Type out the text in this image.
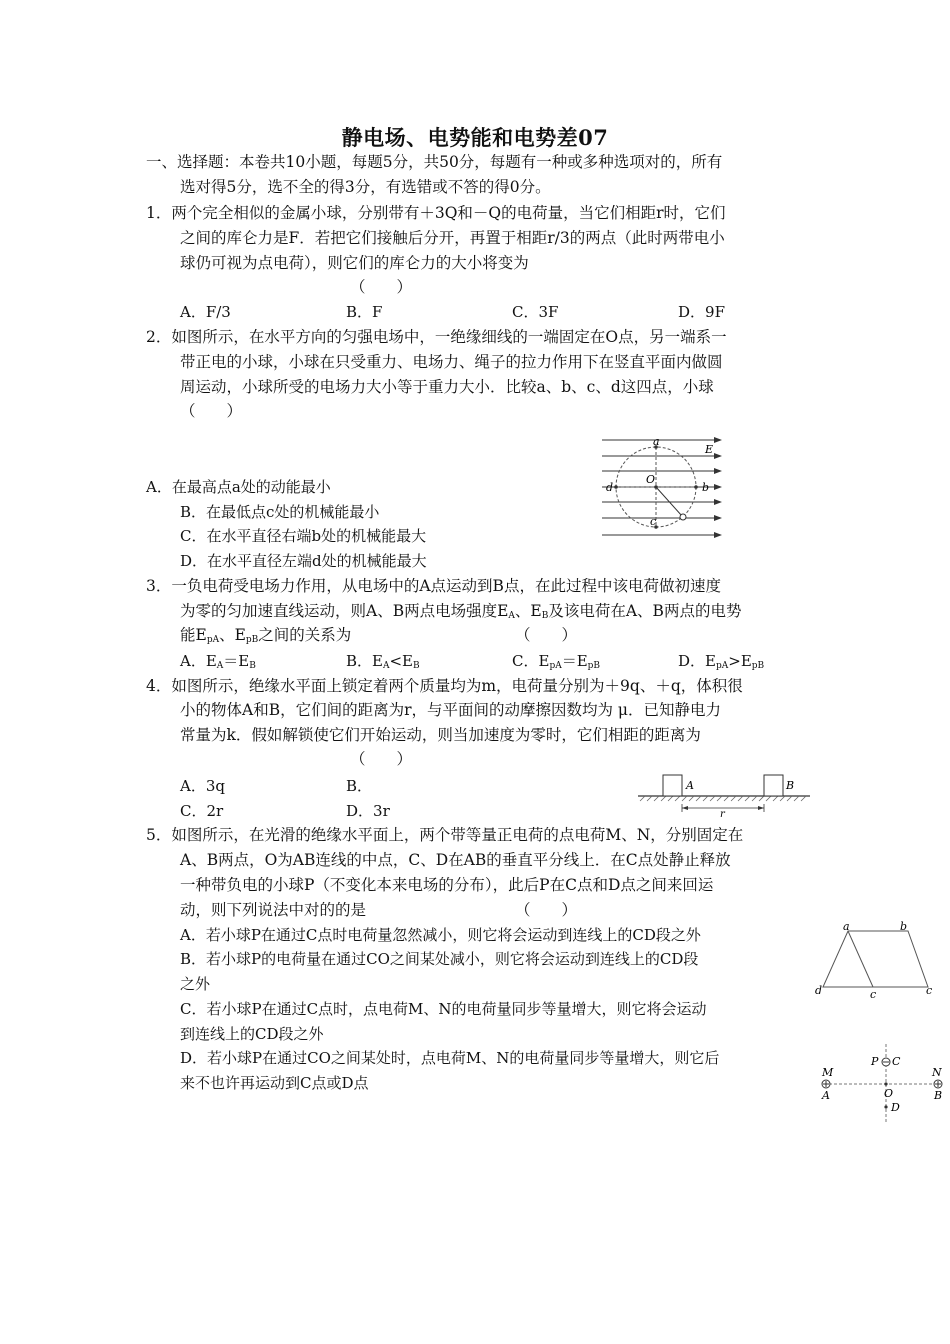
静电场、电势能和电势差07
一、选择题：本卷共10小题，每题5分，共50分，每题有一种或多种选项对的，所有
选对得5分，选不全的得3分，有选错或不答的得0分。
1．两个完全相似的金属小球，分别带有＋3Q和－Q的电荷量，当它们相距r时，它们
之间的库仑力是F．若把它们接触后分开，再置于相距r/3的两点（此时两带电小
球仍可视为点电荷），则它们的库仑力的大小将变为
（　　）
A．F/3	B．F	C．3F	D．9F
2．如图所示，在水平方向的匀强电场中，一绝缘细线的一端固定在O点，另一端系一
带正电的小球，小球在只受重力、电场力、绳子的拉力作用下在竖直平面内做圆
周运动，小球所受的电场力大小等于重力大小．比较a、b、c、d这四点，小球
（　　）
a
b
c
d
O
E
A．在最高点a处的动能最小
B．在最低点c处的机械能最小
C．在水平直径右端b处的机械能最大
D．在水平直径左端d处的机械能最大
3．一负电荷受电场力作用，从电场中的A点运动到B点，在此过程中该电荷做初速度
为零的匀加速直线运动，则A、B两点电场强度$E_A$、$E_B$及该电荷在A、B两点的电势
能$E_{pA}$、$E_{pB}$之间的关系为	（　　）
A．$E_A=E_B$	B．$E_A<E_B$	C．$E_{pA}=E_{pB}$	D．$E_{pA}>E_{pB}$
4．如图所示，绝缘水平面上锁定着两个质量均为m，电荷量分别为＋9q、＋q，体积很
小的物体A和B，它们间的距离为r，与平面间的动摩擦因数均为 μ．已知静电力
常量为k．假如解锁使它们开始运动，则当加速度为零时，它们相距的距离为
（　　）
A．3q	B．
C．2r	D．3r
A	B
r
5．如图所示，在光滑的绝缘水平面上，两个带等量正电荷的点电荷M、N，分别固定在
A、B两点，O为AB连线的中点，C、D在AB的垂直平分线上．在C点处静止释放
一种带负电的小球P（不变化本来电场的分布），此后P在C点和D点之间来回运
动，则下列说法中对的的是	（　　）
A．若小球P在通过C点时电荷量忽然减小，则它将会运动到连线上的CD段之外
B．若小球P的电荷量在通过CO之间某处减小，则它将会运动到连线上的CD段
之外
C．若小球P在通过C点时，点电荷M、N的电荷量同步等量增大，则它将会运动
到连线上的CD段之外
D．若小球P在通过CO之间某处时，点电荷M、N的电荷量同步等量增大，则它后
来不也许再运动到C点或D点
a	b
c
d	c
P C
M	N
A	B
O
D
